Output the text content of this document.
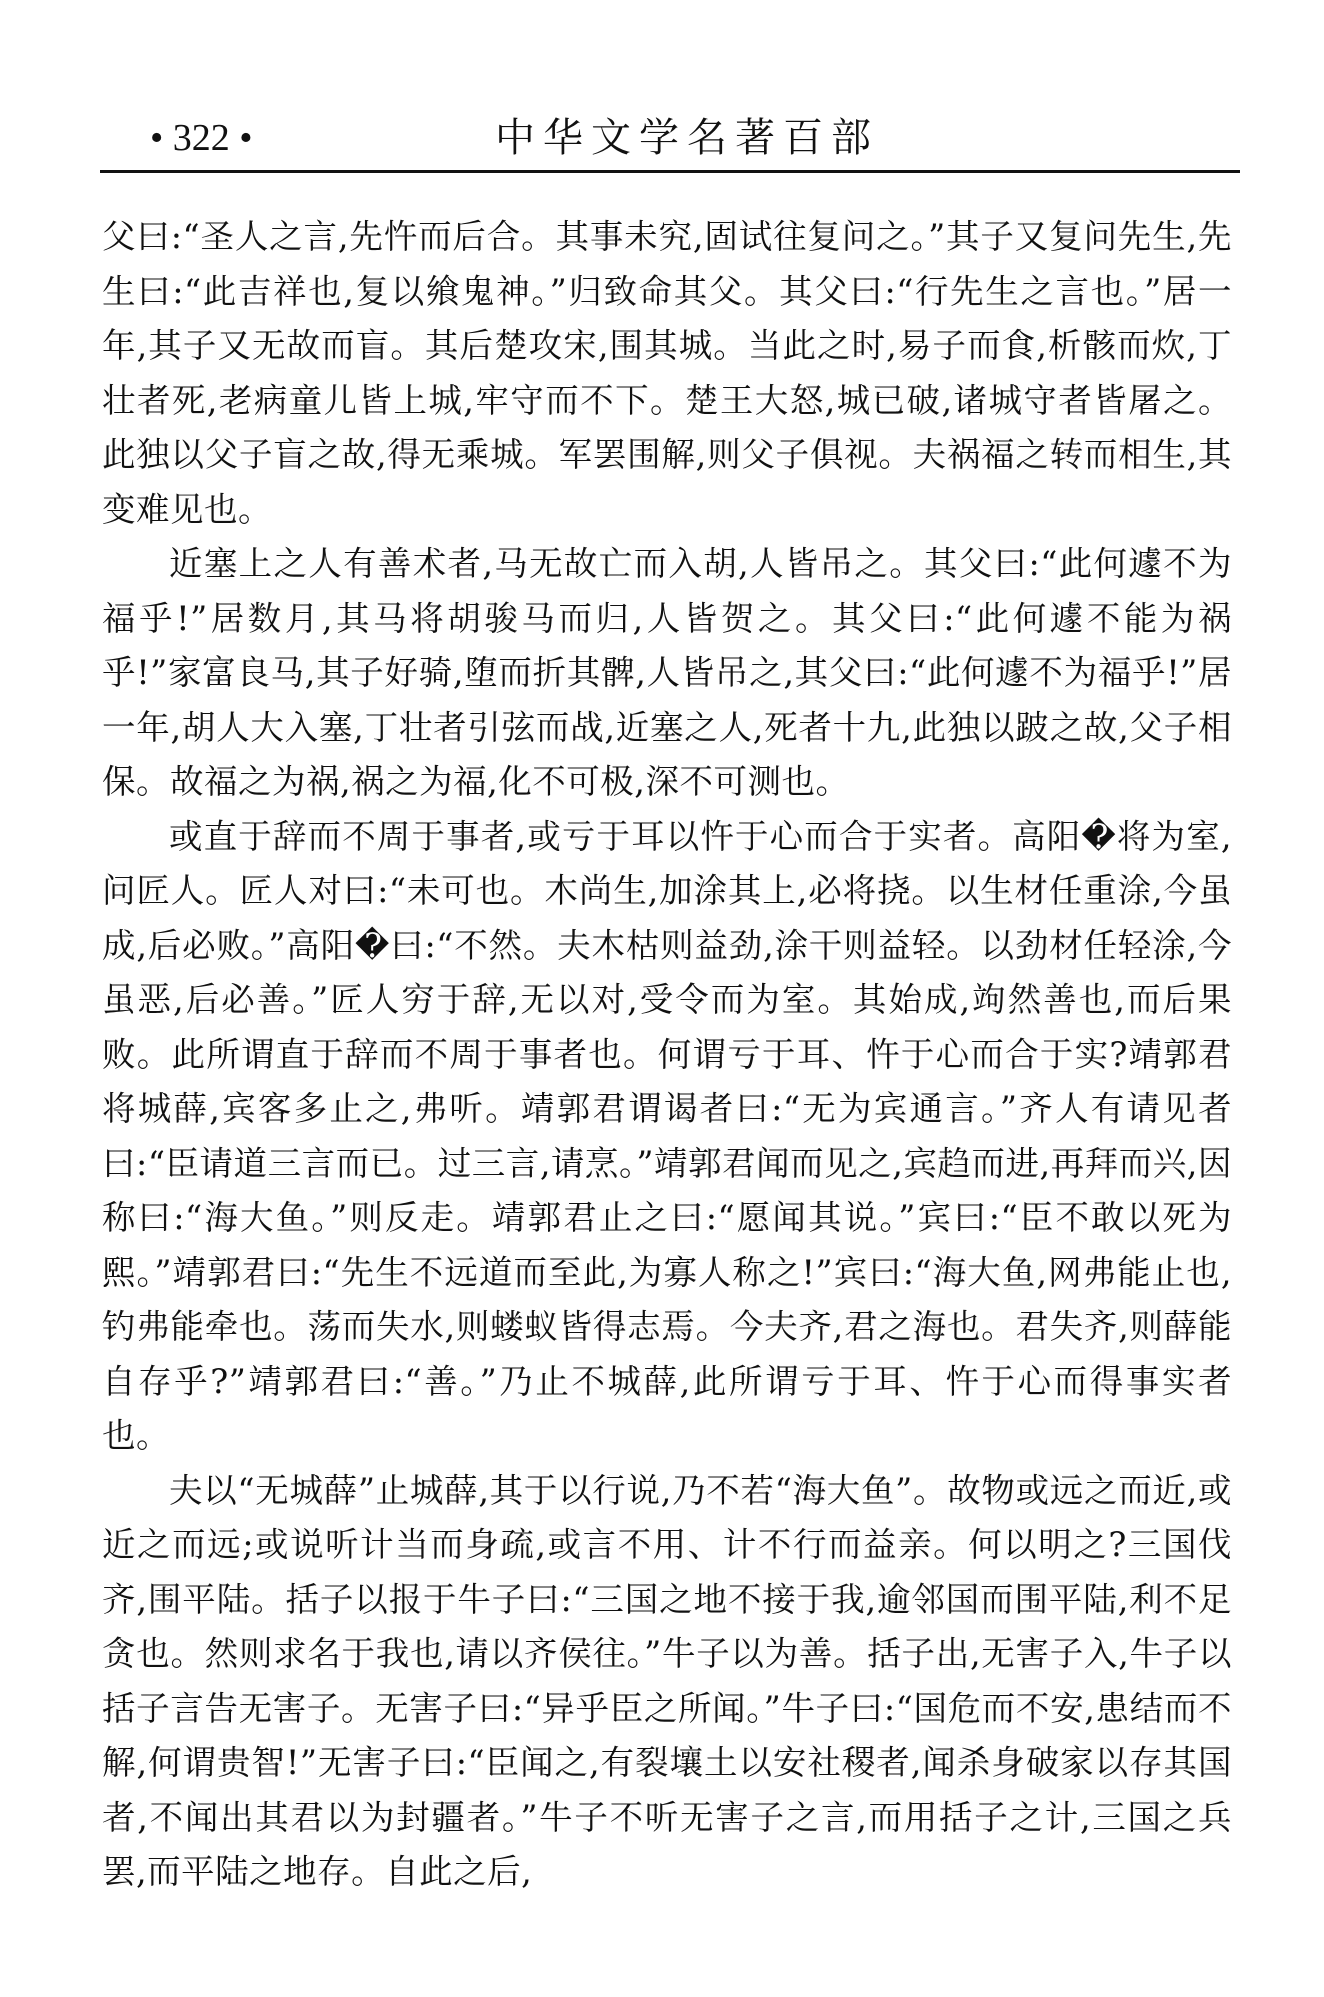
• 322 •	中华文学名著百部

父曰:“圣人之言,先忤而后合。其事未究,固试往复问之。”其子又复问先生,先生曰:“此吉祥也,复以飨鬼神。”归致命其父。其父曰:“行先生之言也。”居一年,其子又无故而盲。其后楚攻宋,围其城。当此之时,易子而食,析骸而炊,丁壮者死,老病童儿皆上城,牢守而不下。楚王大怒,城已破,诸城守者皆屠之。此独以父子盲之故,得无乘城。军罢围解,则父子俱视。夫祸福之转而相生,其变难见也。

近塞上之人有善术者,马无故亡而入胡,人皆吊之。其父曰:“此何遽不为福乎!”居数月,其马将胡骏马而归,人皆贺之。其父曰:“此何遽不能为祸乎!”家富良马,其子好骑,堕而折其髀,人皆吊之,其父曰:“此何遽不为福乎!”居一年,胡人大入塞,丁壮者引弦而战,近塞之人,死者十九,此独以跛之故,父子相保。故福之为祸,祸之为福,化不可极,深不可测也。

或直于辞而不周于事者,或亏于耳以忤于心而合于实者。高阳�将为室,问匠人。匠人对曰:“未可也。木尚生,加涂其上,必将挠。以生材任重涂,今虽成,后必败。”高阳�曰:“不然。夫木枯则益劲,涂干则益轻。以劲材任轻涂,今虽恶,后必善。”匠人穷于辞,无以对,受令而为室。其始成,竘然善也,而后果败。此所谓直于辞而不周于事者也。何谓亏于耳、忤于心而合于实?靖郭君将城薛,宾客多止之,弗听。靖郭君谓谒者曰:“无为宾通言。”齐人有请见者曰:“臣请道三言而已。过三言,请烹。”靖郭君闻而见之,宾趋而进,再拜而兴,因称曰:“海大鱼。”则反走。靖郭君止之曰:“愿闻其说。”宾曰:“臣不敢以死为熙。”靖郭君曰:“先生不远道而至此,为寡人称之!”宾曰:“海大鱼,网弗能止也,钓弗能牵也。荡而失水,则蝼蚁皆得志焉。今夫齐,君之海也。君失齐,则薛能自存乎?”靖郭君曰:“善。”乃止不城薛,此所谓亏于耳、忤于心而得事实者也。

夫以“无城薛”止城薛,其于以行说,乃不若“海大鱼”。故物或远之而近,或近之而远;或说听计当而身疏,或言不用、计不行而益亲。何以明之?三国伐齐,围平陆。括子以报于牛子曰:“三国之地不接于我,逾邻国而围平陆,利不足贪也。然则求名于我也,请以齐侯往。”牛子以为善。括子出,无害子入,牛子以括子言告无害子。无害子曰:“异乎臣之所闻。”牛子曰:“国危而不安,患结而不解,何谓贵智!”无害子曰:“臣闻之,有裂壤土以安社稷者,闻杀身破家以存其国者,不闻出其君以为封疆者。”牛子不听无害子之言,而用括子之计,三国之兵罢,而平陆之地存。自此之后,
